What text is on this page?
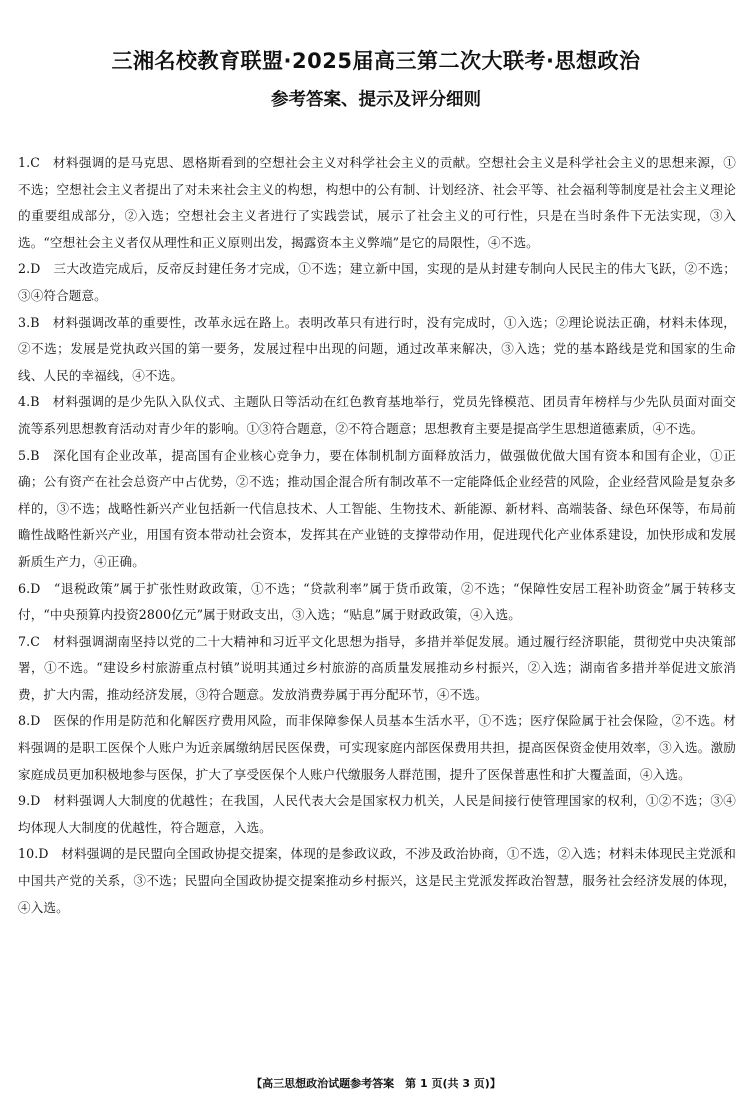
三湘名校教育联盟·2025届高三第二次大联考·思想政治
参考答案、提示及评分细则

1.C　 材料强调的是马克思、恩格斯看到的空想社会主义对科学社会主义的贡献。空想社会主义是科学社会主义的思想来源，①不选；空想社会主义者提出了对未来社会主义的构想，构想中的公有制、计划经济、社会平等、社会福利等制度是社会主义理论的重要组成部分，②入选；空想社会主义者进行了实践尝试，展示了社会主义的可行性，只是在当时条件下无法实现，③入选。“空想社会主义者仅从理性和正义原则出发，揭露资本主义弊端”是它的局限性，④不选。

2.D　 三大改造完成后，反帝反封建任务才完成，①不选；建立新中国，实现的是从封建专制向人民民主的伟大飞跃，②不选；③④符合题意。

3.B　 材料强调改革的重要性，改革永远在路上。表明改革只有进行时，没有完成时，①入选；②理论说法正确，材料未体现，②不选；发展是党执政兴国的第一要务，发展过程中出现的问题，通过改革来解决，③入选；党的基本路线是党和国家的生命线、人民的幸福线，④不选。

4.B　 材料强调的是少先队入队仪式、主题队日等活动在红色教育基地举行，党员先锋模范、团员青年榜样与少先队员面对面交流等系列思想教育活动对青少年的影响。①③符合题意，②不符合题意；思想教育主要是提高学生思想道德素质，④不选。

5.B　 深化国有企业改革，提高国有企业核心竞争力，要在体制机制方面释放活力，做强做优做大国有资本和国有企业，①正确；公有资产在社会总资产中占优势，②不选；推动国企混合所有制改革不一定能降低企业经营的风险，企业经营风险是复杂多样的，③不选；战略性新兴产业包括新一代信息技术、人工智能、生物技术、新能源、新材料、高端装备、绿色环保等，布局前瞻性战略性新兴产业，用国有资本带动社会资本，发挥其在产业链的支撑带动作用，促进现代化产业体系建设，加快形成和发展新质生产力，④正确。

6.D　 “退税政策”属于扩张性财政政策，①不选；“贷款利率”属于货币政策，②不选；“保障性安居工程补助资金”属于转移支付，“中央预算内投资2800亿元”属于财政支出，③入选；“贴息”属于财政政策，④入选。

7.C　 材料强调湖南坚持以党的二十大精神和习近平文化思想为指导，多措并举促发展。通过履行经济职能，贯彻党中央决策部署，①不选。“建设乡村旅游重点村镇”说明其通过乡村旅游的高质量发展推动乡村振兴，②入选；湖南省多措并举促进文旅消费，扩大内需，推动经济发展，③符合题意。发放消费券属于再分配环节，④不选。

8.D　 医保的作用是防范和化解医疗费用风险，而非保障参保人员基本生活水平，①不选；医疗保险属于社会保险，②不选。材料强调的是职工医保个人账户为近亲属缴纳居民医保费，可实现家庭内部医保费用共担，提高医保资金使用效率，③入选。激励家庭成员更加积极地参与医保，扩大了享受医保个人账户代缴服务人群范围，提升了医保普惠性和扩大覆盖面，④入选。

9.D　 材料强调人大制度的优越性；在我国，人民代表大会是国家权力机关，人民是间接行使管理国家的权利，①②不选；③④均体现人大制度的优越性，符合题意，入选。

10.D　 材料强调的是民盟向全国政协提交提案，体现的是参政议政，不涉及政治协商，①不选，②入选；材料未体现民主党派和中国共产党的关系，③不选；民盟向全国政协提交提案推动乡村振兴，这是民主党派发挥政治智慧，服务社会经济发展的体现，④入选。

【高三思想政治试题参考答案　第 1 页(共 3 页)】
